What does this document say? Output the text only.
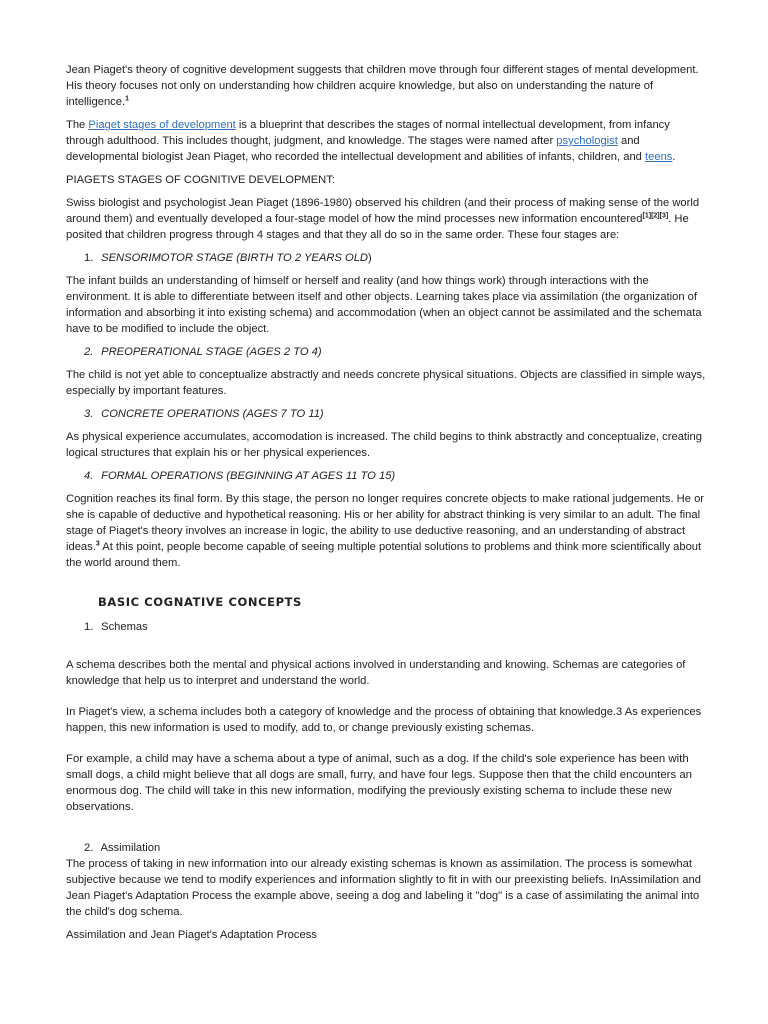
Jean Piaget's theory of cognitive development suggests that children move through four different stages of mental development. His theory focuses not only on understanding how children acquire knowledge, but also on understanding the nature of intelligence.$^1$

The Piaget stages of development is a blueprint that describes the stages of normal intellectual development, from infancy through adulthood. This includes thought, judgment, and knowledge. The stages were named after psychologist and developmental biologist Jean Piaget, who recorded the intellectual development and abilities of infants, children, and teens.

PIAGETS STAGES OF COGNITIVE DEVELOPMENT:

Swiss biologist and psychologist Jean Piaget (1896-1980) observed his children (and their process of making sense of the world around them) and eventually developed a four-stage model of how the mind processes new information encountered[1][2][3]. He posited that children progress through 4 stages and that they all do so in the same order. These four stages are:

1. SENSORIMOTOR STAGE (BIRTH TO 2 YEARS OLD)

The infant builds an understanding of himself or herself and reality (and how things work) through interactions with the environment. It is able to differentiate between itself and other objects. Learning takes place via assimilation (the organization of information and absorbing it into existing schema) and accommodation (when an object cannot be assimilated and the schemata have to be modified to include the object.

2. PREOPERATIONAL STAGE (AGES 2 TO 4)

The child is not yet able to conceptualize abstractly and needs concrete physical situations. Objects are classified in simple ways, especially by important features.

3. CONCRETE OPERATIONS (AGES 7 TO 11)

As physical experience accumulates, accomodation is increased. The child begins to think abstractly and conceptualize, creating logical structures that explain his or her physical experiences.

4. FORMAL OPERATIONS (BEGINNING AT AGES 11 TO 15)

Cognition reaches its final form. By this stage, the person no longer requires concrete objects to make rational judgements. He or she is capable of deductive and hypothetical reasoning. His or her ability for abstract thinking is very similar to an adult. The final stage of Piaget's theory involves an increase in logic, the ability to use deductive reasoning, and an understanding of abstract ideas.$^3$ At this point, people become capable of seeing multiple potential solutions to problems and think more scientifically about the world around them.

BASIC COGNATIVE CONCEPTS

1. Schemas

A schema describes both the mental and physical actions involved in understanding and knowing. Schemas are categories of knowledge that help us to interpret and understand the world.

In Piaget's view, a schema includes both a category of knowledge and the process of obtaining that knowledge.3 As experiences happen, this new information is used to modify, add to, or change previously existing schemas.

For example, a child may have a schema about a type of animal, such as a dog. If the child's sole experience has been with small dogs, a child might believe that all dogs are small, furry, and have four legs. Suppose then that the child encounters an enormous dog. The child will take in this new information, modifying the previously existing schema to include these new observations.

2. Assimilation

The process of taking in new information into our already existing schemas is known as assimilation. The process is somewhat subjective because we tend to modify experiences and information slightly to fit in with our preexisting beliefs. InAssimilation and Jean Piaget's Adaptation Process the example above, seeing a dog and labeling it "dog" is a case of assimilating the animal into the child's dog schema.

Assimilation and Jean Piaget's Adaptation Process
